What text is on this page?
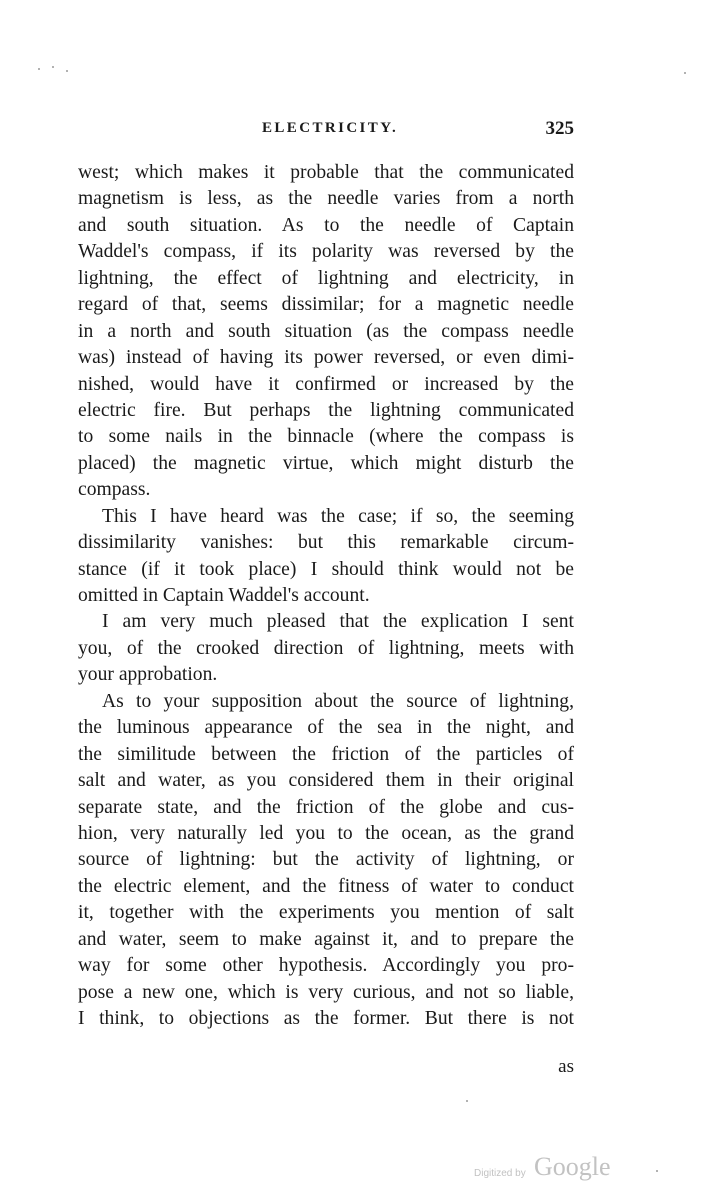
ELECTRICITY.	325
west; which makes it probable that the communicated
magnetism is less, as the needle varies from a north
and south situation. As to the needle of Captain
Waddel's compass, if its polarity was reversed by the
lightning, the effect of lightning and electricity, in
regard of that, seems dissimilar; for a magnetic needle
in a north and south situation (as the compass needle
was) instead of having its power reversed, or even dimi-
nished, would have it confirmed or increased by the
electric fire. But perhaps the lightning communicated
to some nails in the binnacle (where the compass is
placed) the magnetic virtue, which might disturb the
compass.
This I have heard was the case; if so, the seeming
dissimilarity vanishes: but this remarkable circum-
stance (if it took place) I should think would not be
omitted in Captain Waddel's account.
I am very much pleased that the explication I sent
you, of the crooked direction of lightning, meets with
your approbation.
As to your supposition about the source of lightning,
the luminous appearance of the sea in the night, and
the similitude between the friction of the particles of
salt and water, as you considered them in their original
separate state, and the friction of the globe and cus-
hion, very naturally led you to the ocean, as the grand
source of lightning: but the activity of lightning, or
the electric element, and the fitness of water to conduct
it, together with the experiments you mention of salt
and water, seem to make against it, and to prepare the
way for some other hypothesis. Accordingly you pro-
pose a new one, which is very curious, and not so liable,
I think, to objections as the former. But there is not
as
Digitized by Google
